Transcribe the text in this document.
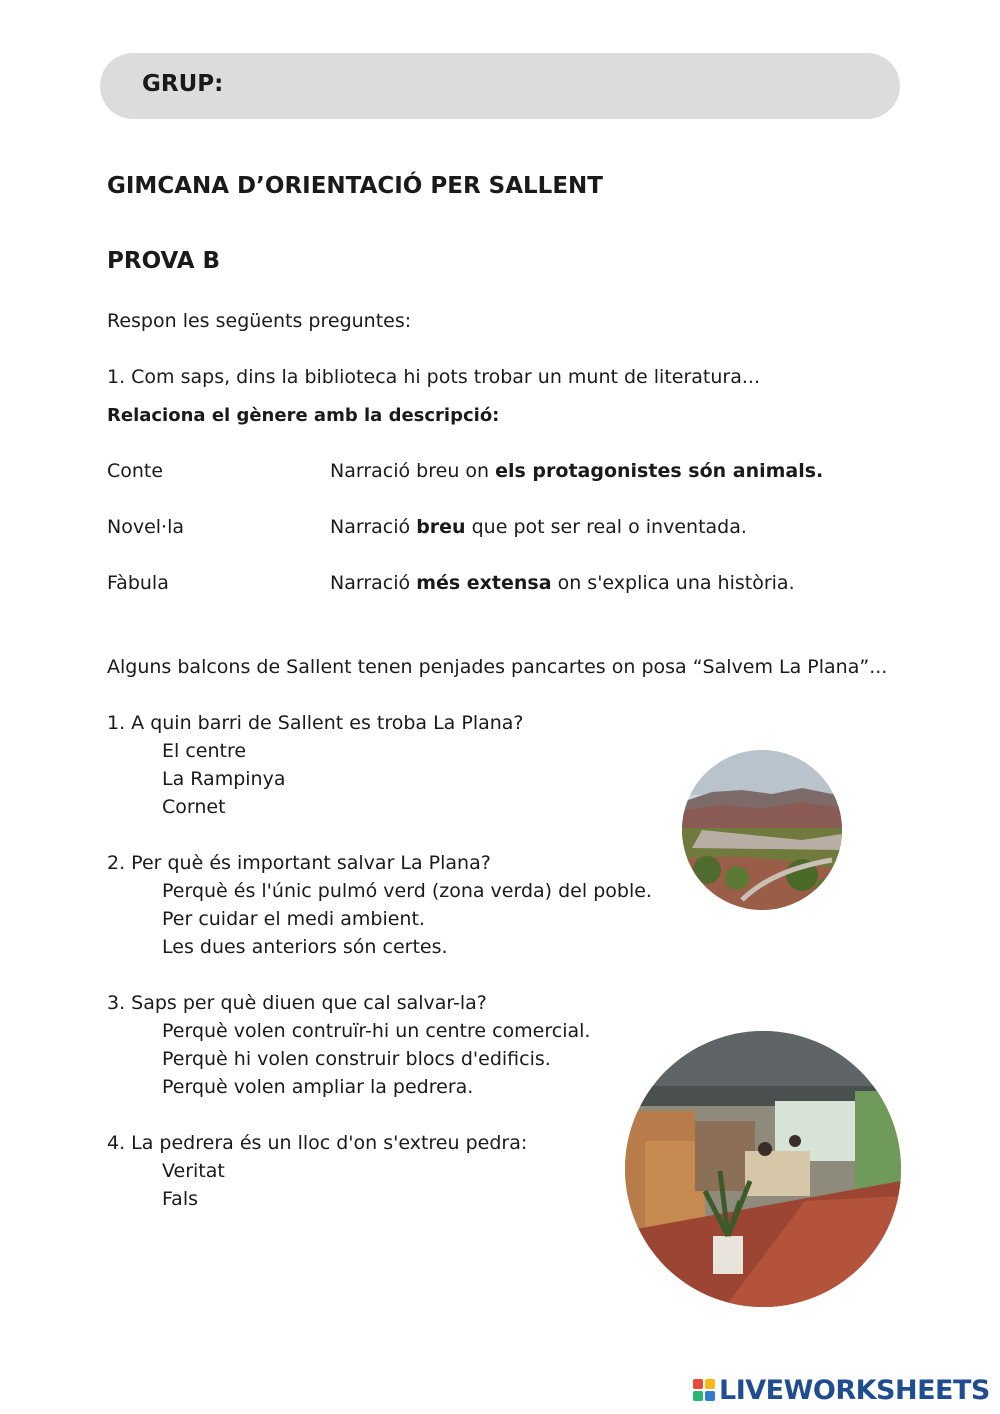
GRUP:
GIMCANA D’ORIENTACIÓ PER SALLENT
PROVA B
Respon les següents preguntes:
1. Com saps, dins la biblioteca hi pots trobar un munt de literatura...
Relaciona el gènere amb la descripció:
Conte
Novel·la
Fàbula
Narració breu on els protagonistes són animals.
Narració breu que pot ser real o inventada.
Narració més extensa on s'explica una història.
Alguns balcons de Sallent tenen penjades pancartes on posa “Salvem La Plana”...
1. A quin barri de Sallent es troba La Plana?
El centre
La Rampinya
Cornet
2. Per què és important salvar La Plana?
Perquè és l'únic pulmó verd (zona verda) del poble.
Per cuidar el medi ambient.
Les dues anteriors són certes.
3. Saps per què diuen que cal salvar-la?
Perquè volen contruïr-hi un centre comercial.
Perquè hi volen construir blocs d'edificis.
Perquè volen ampliar la pedrera.
4. La pedrera és un lloc d'on s'extreu pedra:
Veritat
Fals
LIVEWORKSHEETS
